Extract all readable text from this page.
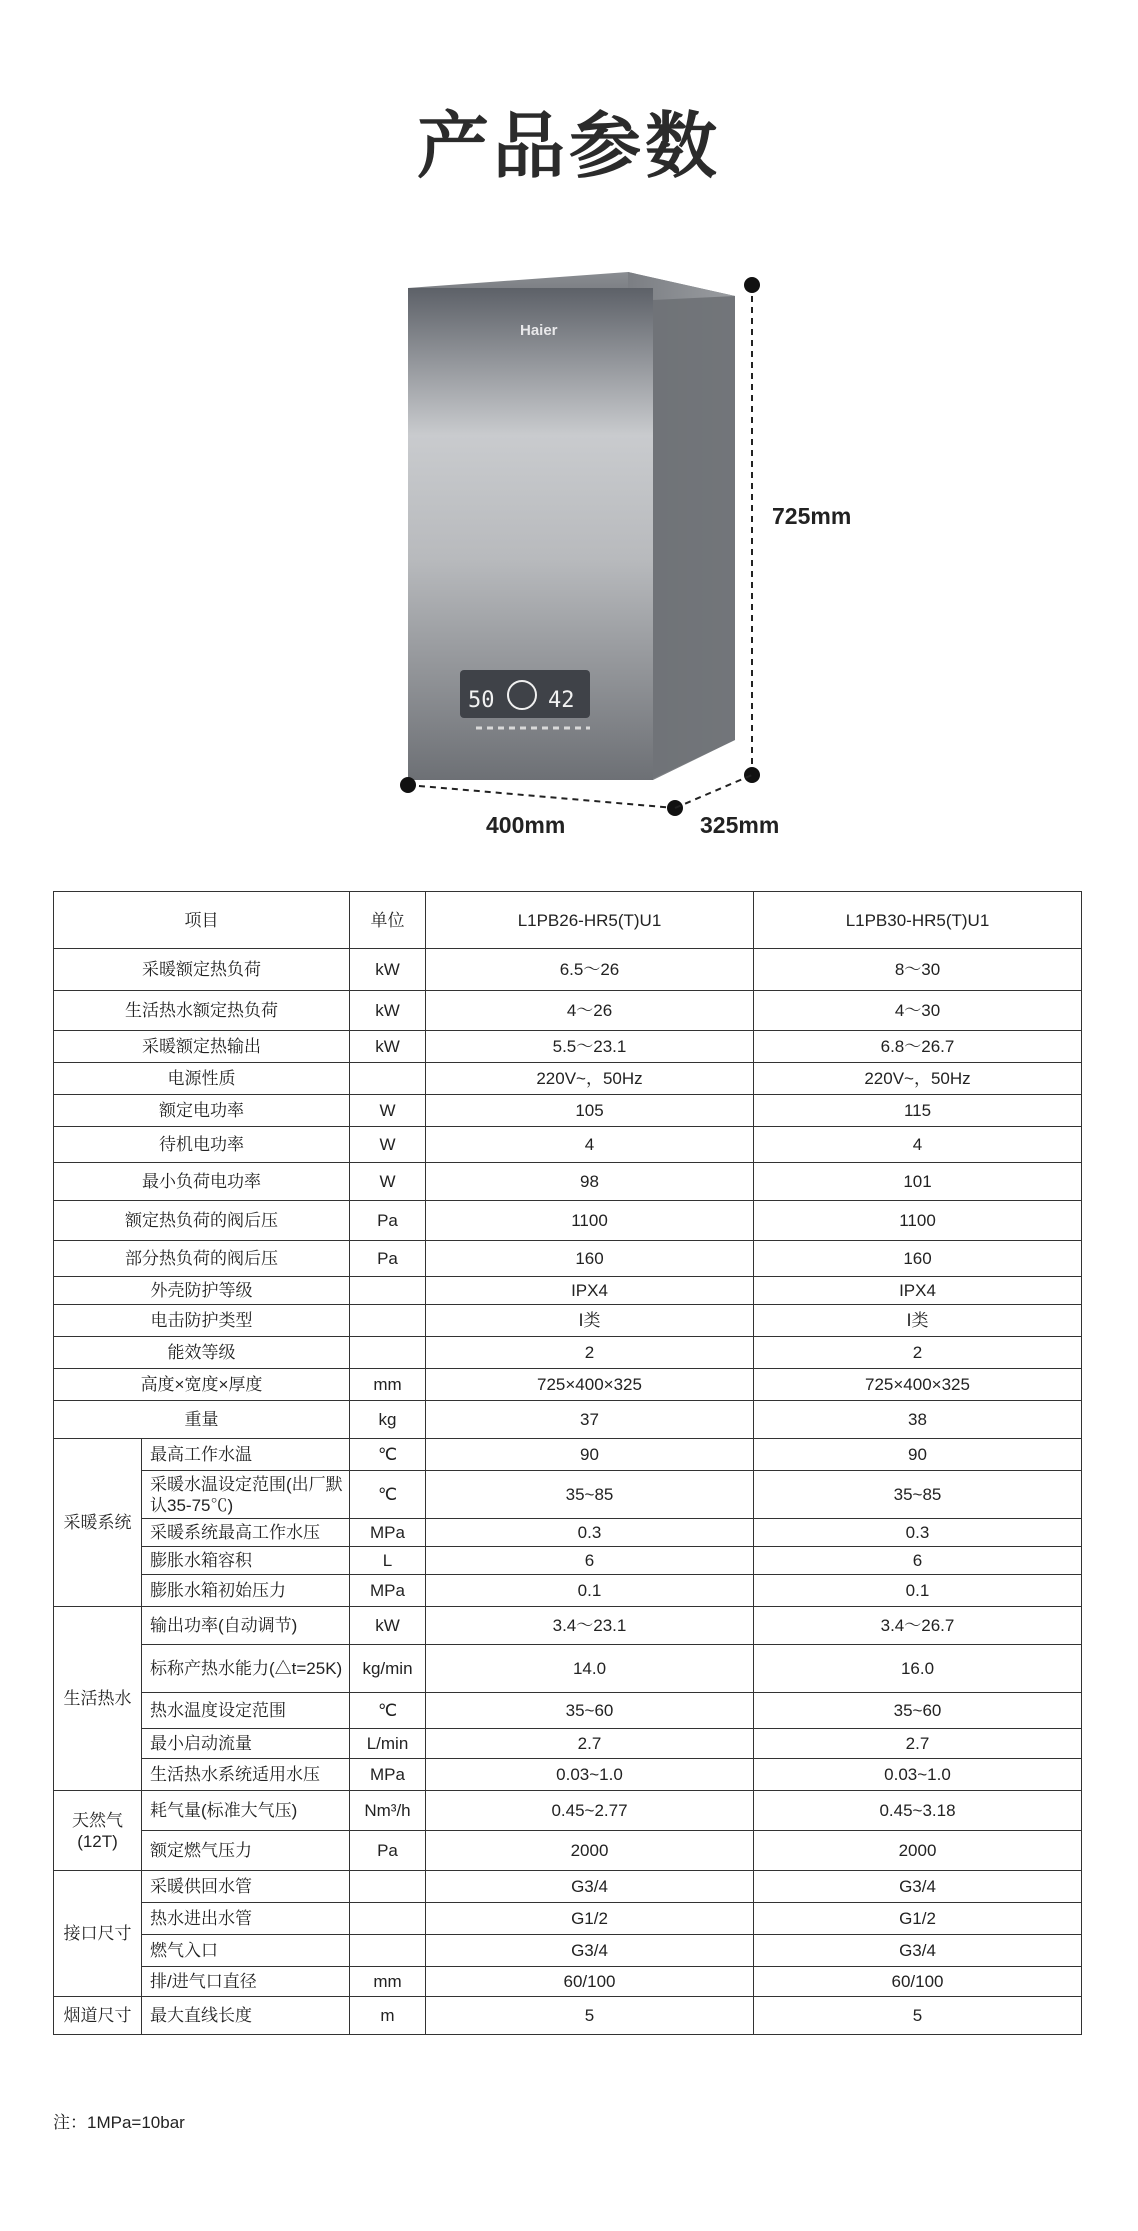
产品参数
Haier
50 42
725mm
400mm	325mm
项目		单位	L1PB26-HR5(T)U1	L1PB30-HR5(T)U1
采暖额定热负荷		kW	6.5～26	8～30
生活热水额定热负荷		kW	4～26	4～30
采暖额定热输出		kW	5.5～23.1	6.8～26.7
电源性质			220V~，50Hz	220V~，50Hz
额定电功率		W	105	115
待机电功率		W	4	4
最小负荷电功率		W	98	101
额定热负荷的阀后压		Pa	1100	1100
部分热负荷的阀后压		Pa	160	160
外壳防护等级			IPX4	IPX4
电击防护类型			Ⅰ类	Ⅰ类
能效等级			2	2
高度×宽度×厚度		mm	725×400×325	725×400×325
重量		kg	37	38
采暖系统	最高工作水温	℃	90	90
	采暖水温设定范围(出厂默认35-75℃)	℃	35~85	35~85
	采暖系统最高工作水压	MPa	0.3	0.3
	膨胀水箱容积	L	6	6
	膨胀水箱初始压力	MPa	0.1	0.1
生活热水	输出功率(自动调节)	kW	3.4～23.1	3.4～26.7
	标称产热水能力(△t=25K)	kg/min	14.0	16.0
	热水温度设定范围	℃	35~60	35~60
	最小启动流量	L/min	2.7	2.7
	生活热水系统适用水压	MPa	0.03~1.0	0.03~1.0
天然气(12T)	耗气量(标准大气压)	Nm³/h	0.45~2.77	0.45~3.18
	额定燃气压力	Pa	2000	2000
接口尺寸	采暖供回水管		G3/4	G3/4
	热水进出水管		G1/2	G1/2
	燃气入口		G3/4	G3/4
	排/进气口直径	mm	60/100	60/100
烟道尺寸	最大直线长度	m	5	5
注：1MPa=10bar
